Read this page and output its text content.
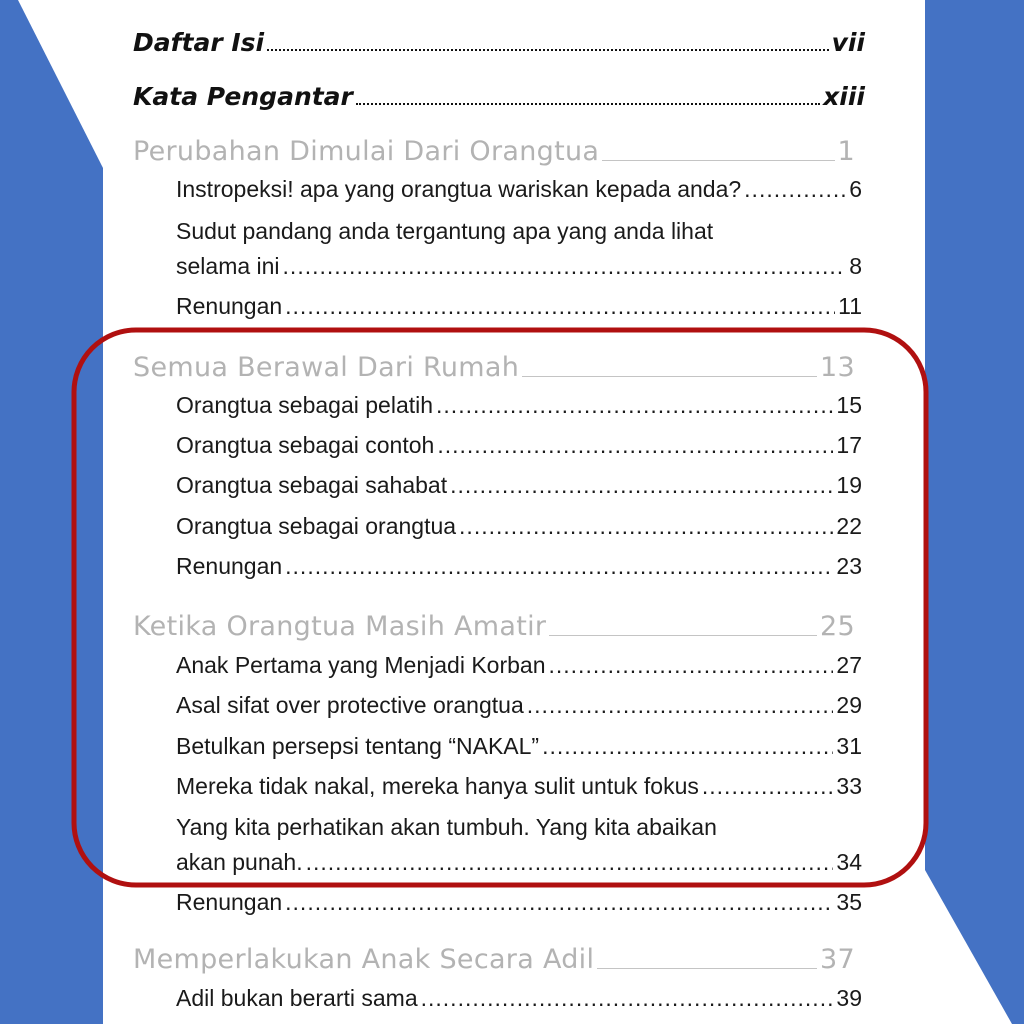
Daftar Isi	vii
Kata Pengantar	xiii
Perubahan Dimulai Dari Orangtua	1
Instropeksi! apa yang orangtua wariskan kepada anda? .....	6
Sudut pandang anda tergantung apa yang anda lihat
selama ini .....	8
Renungan .....	11
Semua Berawal Dari Rumah	13
Orangtua sebagai pelatih .....	15
Orangtua sebagai contoh .....	17
Orangtua sebagai sahabat .....	19
Orangtua sebagai orangtua .....	22
Renungan .....	23
Ketika Orangtua Masih Amatir	25
Anak Pertama yang Menjadi Korban .....	27
Asal sifat over protective orangtua .....	29
Betulkan persepsi tentang “NAKAL” .....	31
Mereka tidak nakal, mereka hanya sulit untuk fokus .....	33
Yang kita perhatikan akan tumbuh. Yang kita abaikan
akan punah. .....	34
Renungan .....	35
Memperlakukan Anak Secara Adil	37
Adil bukan berarti sama .....	39
